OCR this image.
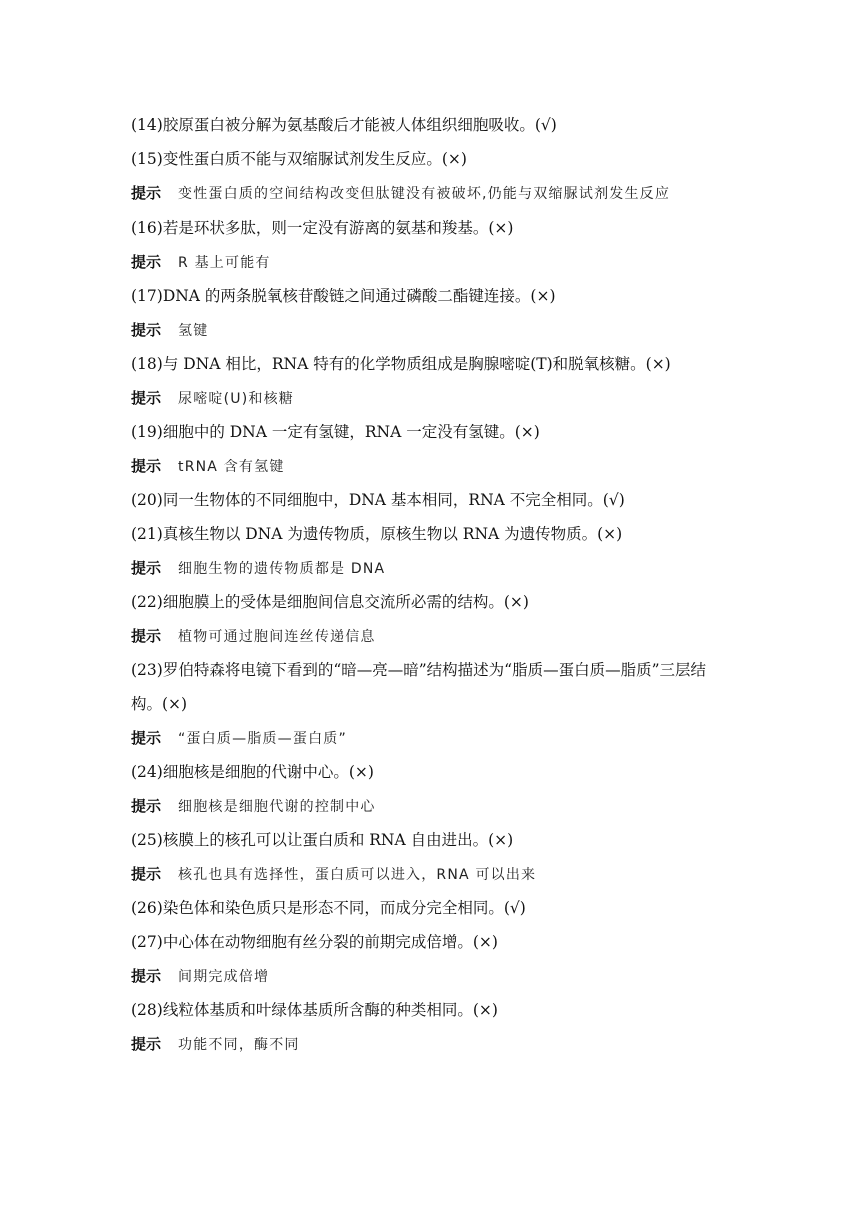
(14)胶原蛋白被分解为氨基酸后才能被人体组织细胞吸收。(√)
(15)变性蛋白质不能与双缩脲试剂发生反应。(×)
提示 变性蛋白质的空间结构改变但肽键没有被破坏,仍能与双缩脲试剂发生反应
(16)若是环状多肽，则一定没有游离的氨基和羧基。(×)
提示 R 基上可能有
(17)DNA 的两条脱氧核苷酸链之间通过磷酸二酯键连接。(×)
提示 氢键
(18)与 DNA 相比，RNA 特有的化学物质组成是胸腺嘧啶(T)和脱氧核糖。(×)
提示 尿嘧啶(U)和核糖
(19)细胞中的 DNA 一定有氢键，RNA 一定没有氢键。(×)
提示 tRNA 含有氢键
(20)同一生物体的不同细胞中，DNA 基本相同，RNA 不完全相同。(√)
(21)真核生物以 DNA 为遗传物质，原核生物以 RNA 为遗传物质。(×)
提示 细胞生物的遗传物质都是 DNA
(22)细胞膜上的受体是细胞间信息交流所必需的结构。(×)
提示 植物可通过胞间连丝传递信息
(23)罗伯特森将电镜下看到的“暗—亮—暗”结构描述为“脂质—蛋白质—脂质”三层结构。(×)
提示 “蛋白质—脂质—蛋白质”
(24)细胞核是细胞的代谢中心。(×)
提示 细胞核是细胞代谢的控制中心
(25)核膜上的核孔可以让蛋白质和 RNA 自由进出。(×)
提示 核孔也具有选择性，蛋白质可以进入，RNA 可以出来
(26)染色体和染色质只是形态不同，而成分完全相同。(√)
(27)中心体在动物细胞有丝分裂的前期完成倍增。(×)
提示 间期完成倍增
(28)线粒体基质和叶绿体基质所含酶的种类相同。(×)
提示 功能不同，酶不同
